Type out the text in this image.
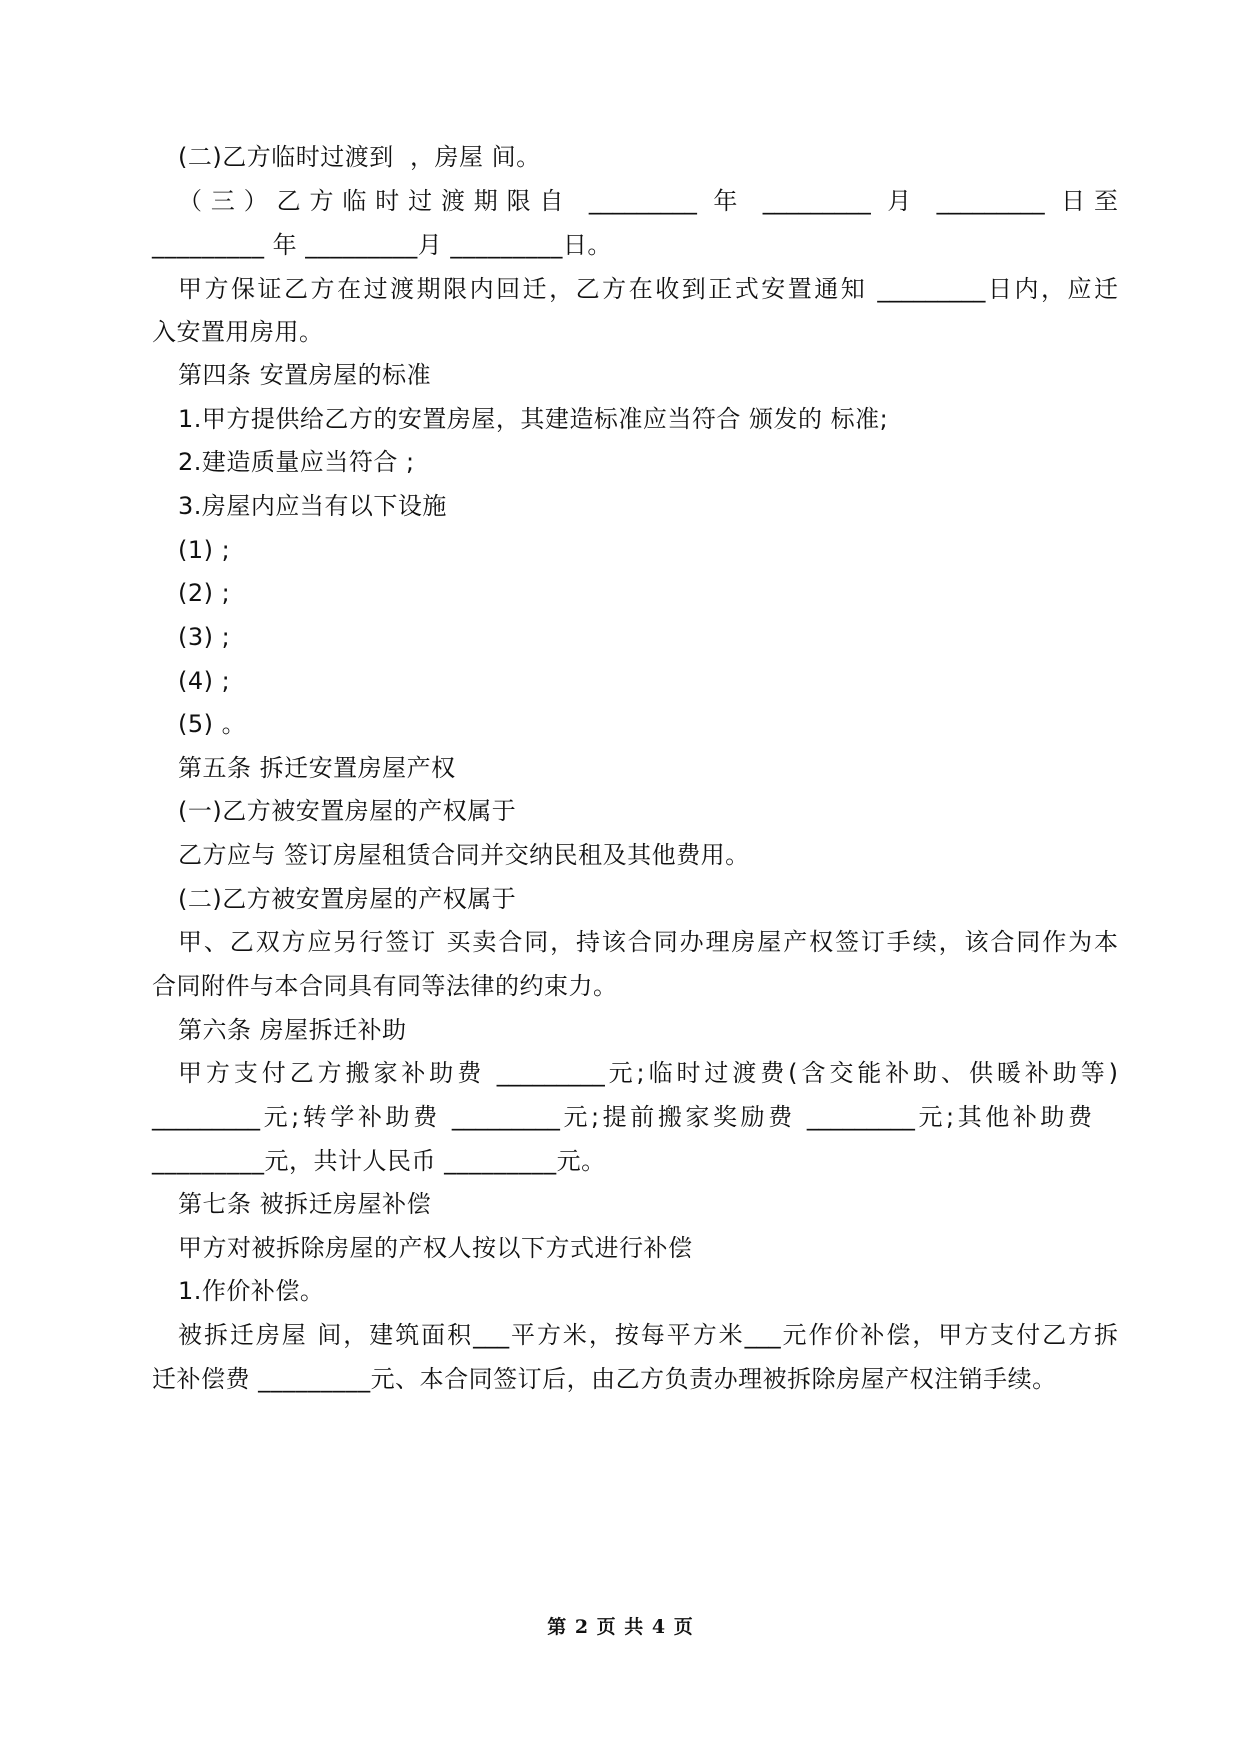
(二)乙方临时过渡到  ，房屋 间。
（三）乙方临时过渡期限自 _________ 年 _________ 月 _________ 日至
_________ 年 _________月 _________日。
甲方保证乙方在过渡期限内回迁，乙方在收到正式安置通知 _________日内，应迁
入安置用房用。
第四条 安置房屋的标准
1.甲方提供给乙方的安置房屋，其建造标准应当符合 颁发的 标准;
2.建造质量应当符合 ;
3.房屋内应当有以下设施
(1) ;
(2) ;
(3) ;
(4) ;
(5) 。
第五条 拆迁安置房屋产权
(一)乙方被安置房屋的产权属于
乙方应与 签订房屋租赁合同并交纳民租及其他费用。
(二)乙方被安置房屋的产权属于
甲、乙双方应另行签订 买卖合同，持该合同办理房屋产权签订手续，该合同作为本
合同附件与本合同具有同等法律的约束力。
第六条 房屋拆迁补助
甲方支付乙方搬家补助费 _________元;临时过渡费(含交能补助、供暖补助等)
_________元;转学补助费 _________元;提前搬家奖励费 _________元;其他补助费
_________元，共计人民币 _________元。
第七条 被拆迁房屋补偿
甲方对被拆除房屋的产权人按以下方式进行补偿
1.作价补偿。
被拆迁房屋 间，建筑面积___平方米，按每平方米___元作价补偿，甲方支付乙方拆
迁补偿费 _________元、本合同签订后，由乙方负责办理被拆除房屋产权注销手续。
第 2 页 共 4 页
